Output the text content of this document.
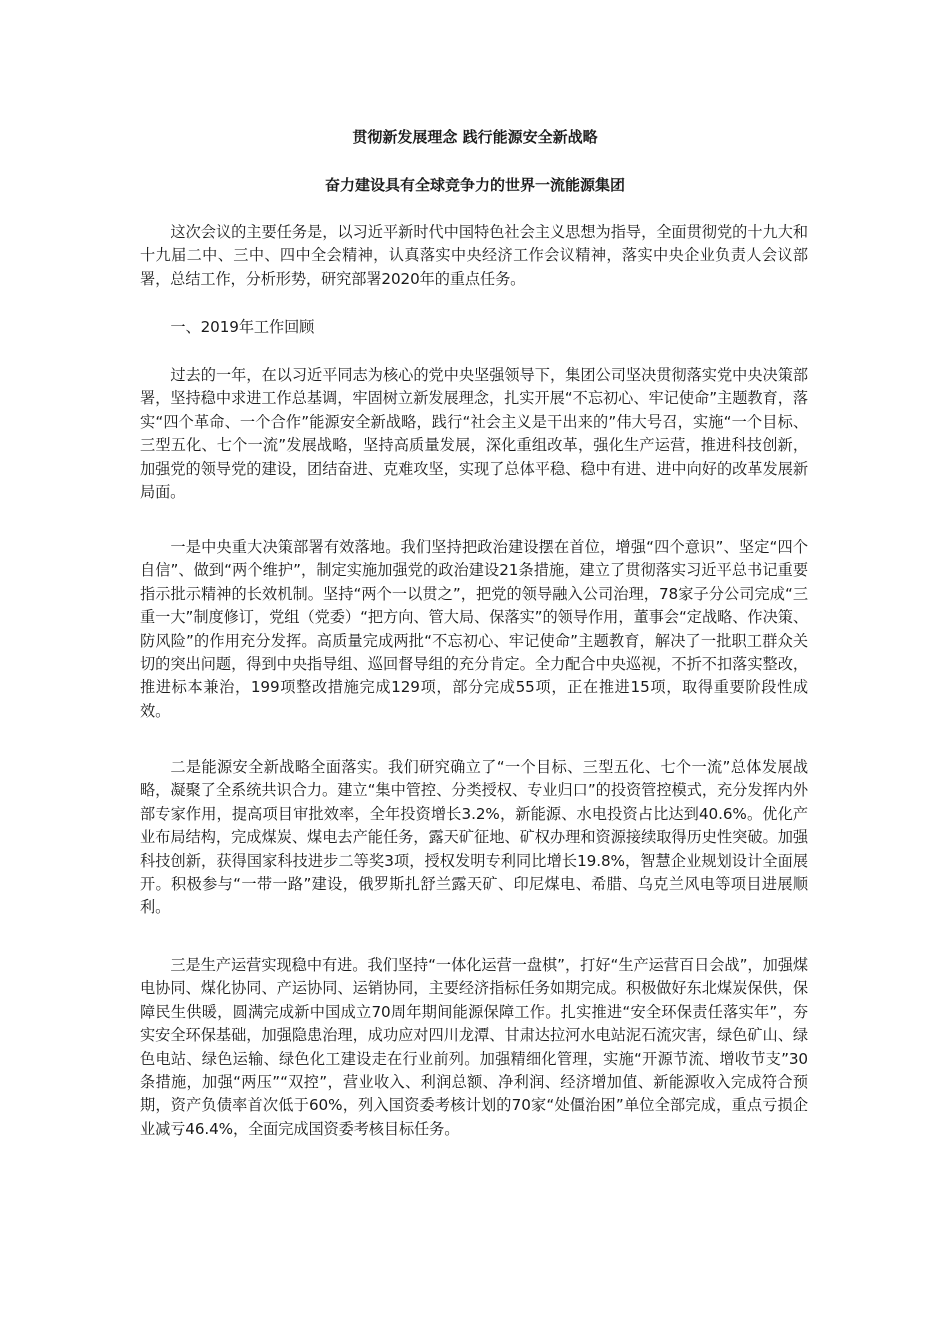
贯彻新发展理念 践行能源安全新战略
奋力建设具有全球竞争力的世界一流能源集团

这次会议的主要任务是，以习近平新时代中国特色社会主义思想为指导，全面贯彻党的十九大和十九届二中、三中、四中全会精神，认真落实中央经济工作会议精神，落实中央企业负责人会议部署，总结工作，分析形势，研究部署2020年的重点任务。

一、2019年工作回顾

过去的一年，在以习近平同志为核心的党中央坚强领导下，集团公司坚决贯彻落实党中央决策部署，坚持稳中求进工作总基调，牢固树立新发展理念，扎实开展“不忘初心、牢记使命”主题教育，落实“四个革命、一个合作”能源安全新战略，践行“社会主义是干出来的”伟大号召，实施“一个目标、三型五化、七个一流”发展战略，坚持高质量发展，深化重组改革，强化生产运营，推进科技创新，加强党的领导党的建设，团结奋进、克难攻坚，实现了总体平稳、稳中有进、进中向好的改革发展新局面。

一是中央重大决策部署有效落地。我们坚持把政治建设摆在首位，增强“四个意识”、坚定“四个自信”、做到“两个维护”，制定实施加强党的政治建设21条措施，建立了贯彻落实习近平总书记重要指示批示精神的长效机制。坚持“两个一以贯之”，把党的领导融入公司治理，78家子分公司完成“三重一大”制度修订，党组（党委）“把方向、管大局、保落实”的领导作用，董事会“定战略、作决策、防风险”的作用充分发挥。高质量完成两批“不忘初心、牢记使命”主题教育，解决了一批职工群众关切的突出问题，得到中央指导组、巡回督导组的充分肯定。全力配合中央巡视，不折不扣落实整改，推进标本兼治，199项整改措施完成129项，部分完成55项，正在推进15项，取得重要阶段性成效。

二是能源安全新战略全面落实。我们研究确立了“一个目标、三型五化、七个一流”总体发展战略，凝聚了全系统共识合力。建立“集中管控、分类授权、专业归口”的投资管控模式，充分发挥内外部专家作用，提高项目审批效率，全年投资增长3.2%，新能源、水电投资占比达到40.6%。优化产业布局结构，完成煤炭、煤电去产能任务，露天矿征地、矿权办理和资源接续取得历史性突破。加强科技创新，获得国家科技进步二等奖3项，授权发明专利同比增长19.8%，智慧企业规划设计全面展开。积极参与“一带一路”建设，俄罗斯扎舒兰露天矿、印尼煤电、希腊、乌克兰风电等项目进展顺利。

三是生产运营实现稳中有进。我们坚持“一体化运营一盘棋”，打好“生产运营百日会战”，加强煤电协同、煤化协同、产运协同、运销协同，主要经济指标任务如期完成。积极做好东北煤炭保供，保障民生供暖，圆满完成新中国成立70周年期间能源保障工作。扎实推进“安全环保责任落实年”，夯实安全环保基础，加强隐患治理，成功应对四川龙潭、甘肃达拉河水电站泥石流灾害，绿色矿山、绿色电站、绿色运输、绿色化工建设走在行业前列。加强精细化管理，实施“开源节流、增收节支”30条措施，加强“两压”“双控”，营业收入、利润总额、净利润、经济增加值、新能源收入完成符合预期，资产负债率首次低于60%，列入国资委考核计划的70家“处僵治困”单位全部完成，重点亏损企业减亏46.4%，全面完成国资委考核目标任务。
